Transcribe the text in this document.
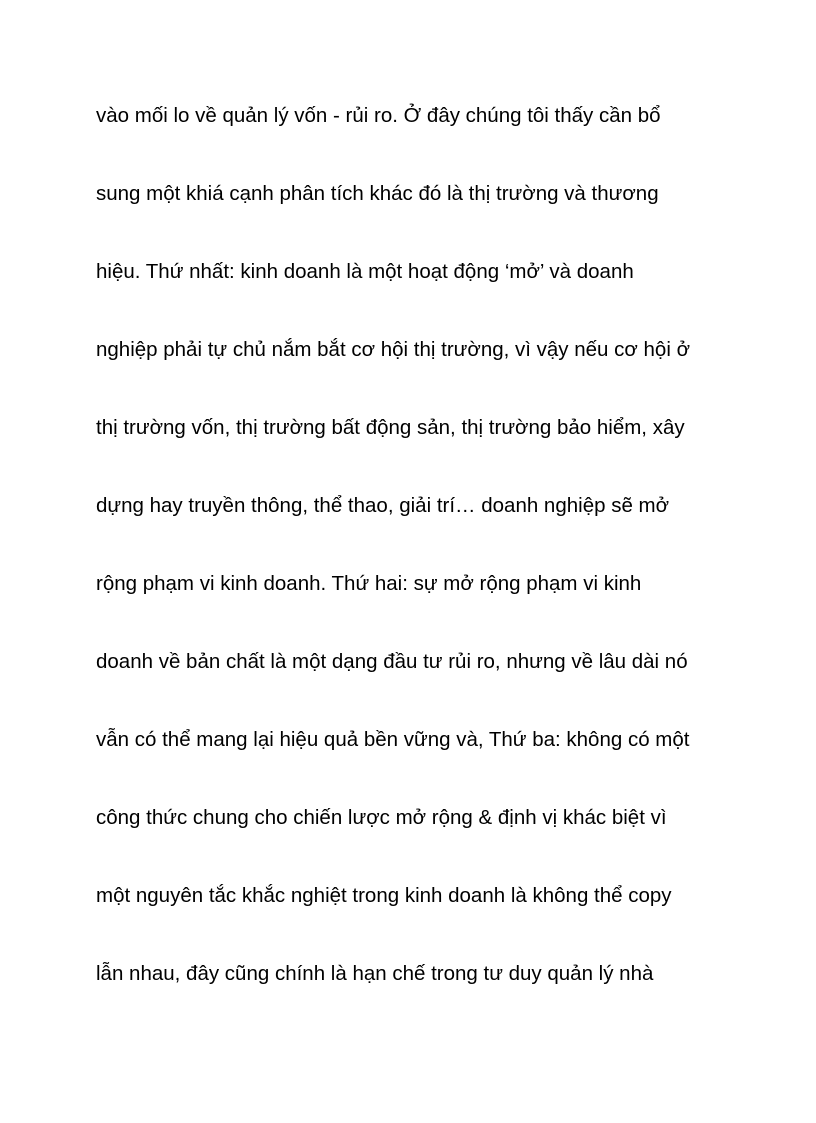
vào mối lo về quản lý vốn - rủi ro. Ở đây chúng tôi thấy cần bổ
sung một khiá cạnh phân tích khác đó là thị trường và thương
hiệu. Thứ nhất: kinh doanh là một hoạt động ‘mở’ và doanh
nghiệp phải tự chủ nắm bắt cơ hội thị trường, vì vậy nếu cơ hội ở
thị trường vốn, thị trường bất động sản, thị trường bảo hiểm, xây
dựng hay truyền thông, thể thao, giải trí… doanh nghiệp sẽ mở
rộng phạm vi kinh doanh. Thứ hai: sự mở rộng phạm vi kinh
doanh về bản chất là một dạng đầu tư rủi ro, nhưng về lâu dài nó
vẫn có thể mang lại hiệu quả bền vững và, Thứ ba: không có một
công thức chung cho chiến lược mở rộng & định vị khác biệt vì
một nguyên tắc khắc nghiệt trong kinh doanh là không thể copy
lẫn nhau, đây cũng chính là hạn chế trong tư duy quản lý nhà
